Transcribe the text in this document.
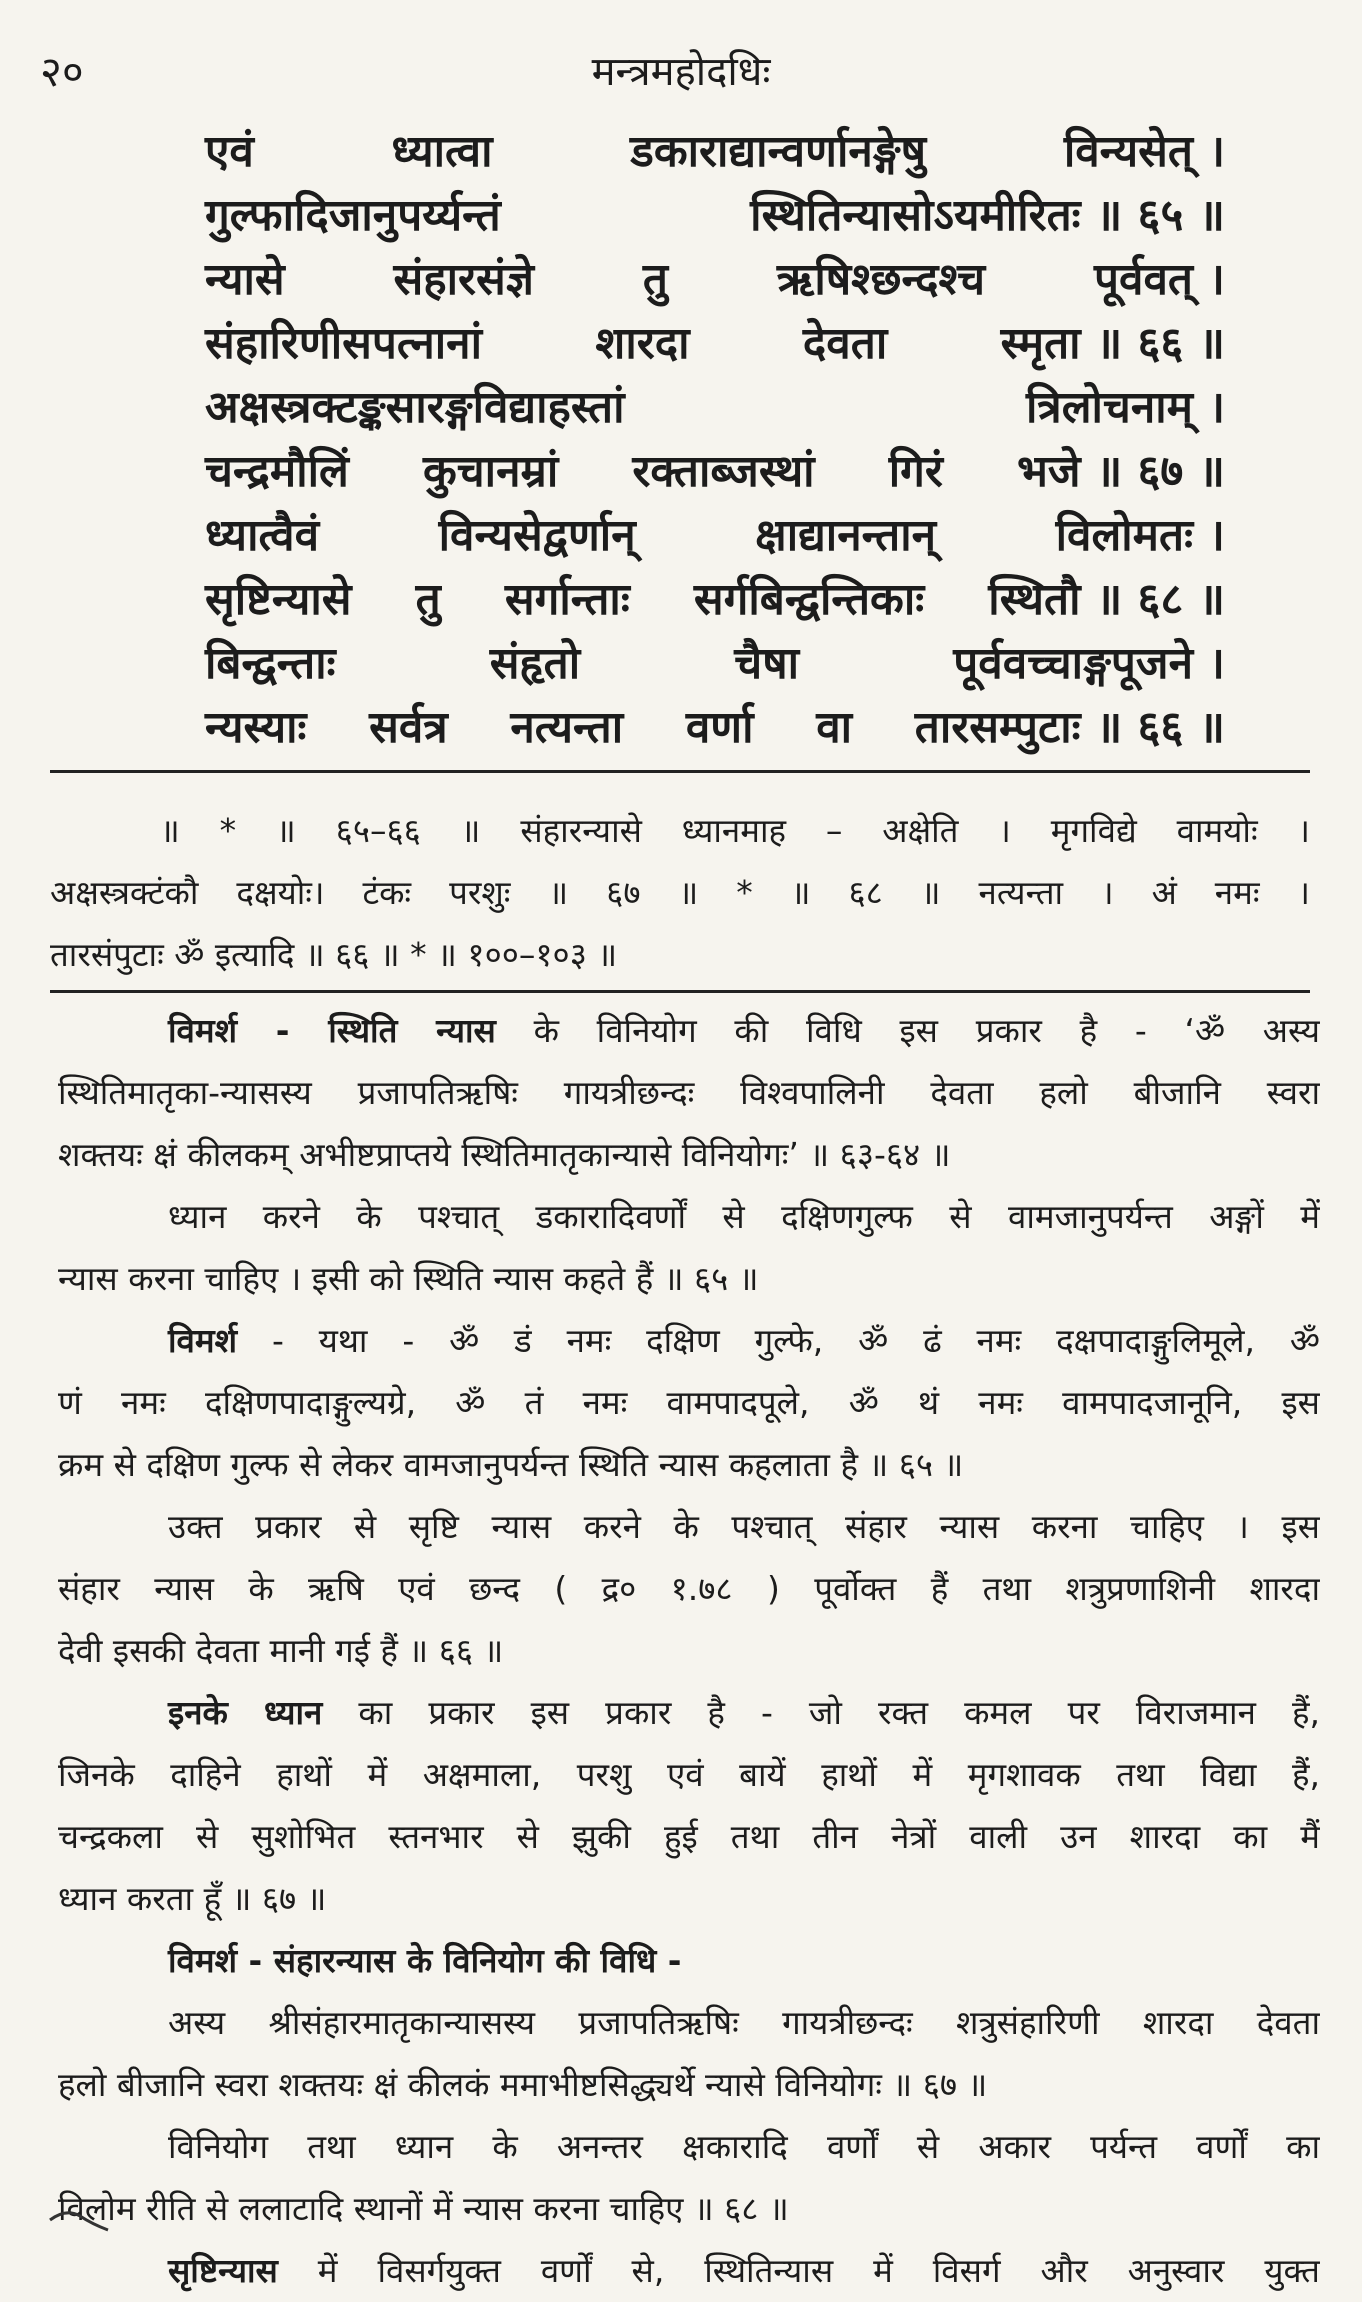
२०	मन्त्रमहोदधिः
एवं	ध्यात्वा	डकाराद्यान्वर्णानङ्गेषु	विन्यसेत् ।
गुल्फादिजानुपर्य्यन्तं	स्थितिन्यासोऽयमीरितः ॥ ६५ ॥
न्यासे संहारसंज्ञे तु ऋषिश्छन्दश्च पूर्ववत् ।
संहारिणीसपत्नानां	शारदा	देवता	स्मृता ॥ ६६ ॥
अक्षस्त्रक्टङ्कसारङ्गविद्याहस्तां	त्रिलोचनाम् ।
चन्द्रमौलिं कुचानम्रां रक्ताब्जस्थां गिरं भजे ॥ ६७ ॥
ध्यात्वैवं	विन्यसेद्वर्णान्	क्षाद्यानन्तान्	विलोमतः ।
सृष्टिन्यासे तु सर्गान्ताः सर्गबिन्द्वन्तिकाः स्थितौ ॥ ६८ ॥
बिन्द्वन्ताः	संहृतो	चैषा	पूर्ववच्चाङ्गपूजने ।
न्यस्याः सर्वत्र नत्यन्ता वर्णा वा तारसम्पुटाः ॥ ६६ ॥

॥ * ॥ ६५–६६ ॥ संहारन्यासे ध्यानमाह – अक्षेति । मृगविद्ये वामयोः ।

अक्षस्त्रक्टंकौ दक्षयोः। टंकः परशुः ॥ ६७ ॥ * ॥ ६८ ॥ नत्यन्ता । अं नमः ।

तारसंपुटाः ॐ इत्यादि ॥ ६६ ॥ * ॥ १००–१०३ ॥

विमर्श - स्थिति न्यास के विनियोग की विधि इस प्रकार है - ‘ॐ अस्य
स्थितिमातृका-न्यासस्य प्रजापतिऋषिः गायत्रीछन्दः विश्वपालिनी देवता हलो बीजानि स्वरा
शक्तयः क्षं कीलकम् अभीष्टप्राप्तये स्थितिमातृकान्यासे विनियोगः’ ॥ ६३-६४ ॥
ध्यान करने के पश्चात् डकारादिवर्णों से दक्षिणगुल्फ से वामजानुपर्यन्त अङ्गों में
न्यास करना चाहिए । इसी को स्थिति न्यास कहते हैं ॥ ६५ ॥
विमर्श - यथा - ॐ डं नमः दक्षिण गुल्फे, ॐ ढं नमः दक्षपादाङ्गुलिमूले, ॐ
णं नमः दक्षिणपादाङ्गुल्यग्रे, ॐ तं नमः वामपादपूले, ॐ थं नमः वामपादजानूनि, इस
क्रम से दक्षिण गुल्फ से लेकर वामजानुपर्यन्त स्थिति न्यास कहलाता है ॥ ६५ ॥
उक्त प्रकार से सृष्टि न्यास करने के पश्चात् संहार न्यास करना चाहिए । इस
संहार न्यास के ऋषि एवं छन्द ( द्र० १.७८ ) पूर्वोक्त हैं तथा शत्रुप्रणाशिनी शारदा
देवी इसकी देवता मानी गई हैं ॥ ६६ ॥
इनके ध्यान का प्रकार इस प्रकार है - जो रक्त कमल पर विराजमान हैं,
जिनके दाहिने हाथों में अक्षमाला, परशु एवं बायें हाथों में मृगशावक तथा विद्या हैं,
चन्द्रकला से सुशोभित स्तनभार से झुकी हुई तथा तीन नेत्रों वाली उन शारदा का मैं
ध्यान करता हूँ ॥ ६७ ॥
विमर्श - संहारन्यास के विनियोग की विधि -
अस्य श्रीसंहारमातृकान्यासस्य प्रजापतिऋषिः गायत्रीछन्दः शत्रुसंहारिणी शारदा देवता
हलो बीजानि स्वरा शक्तयः क्षं कीलकं ममाभीष्टसिद्ध्यर्थे न्यासे विनियोगः ॥ ६७ ॥
विनियोग तथा ध्यान के अनन्तर क्षकारादि वर्णों से अकार पर्यन्त वर्णों का
विलोम रीति से ललाटादि स्थानों में न्यास करना चाहिए ॥ ६८ ॥
सृष्टिन्यास में विसर्गयुक्त वर्णों से, स्थितिन्यास में विसर्ग और अनुस्वार युक्त
